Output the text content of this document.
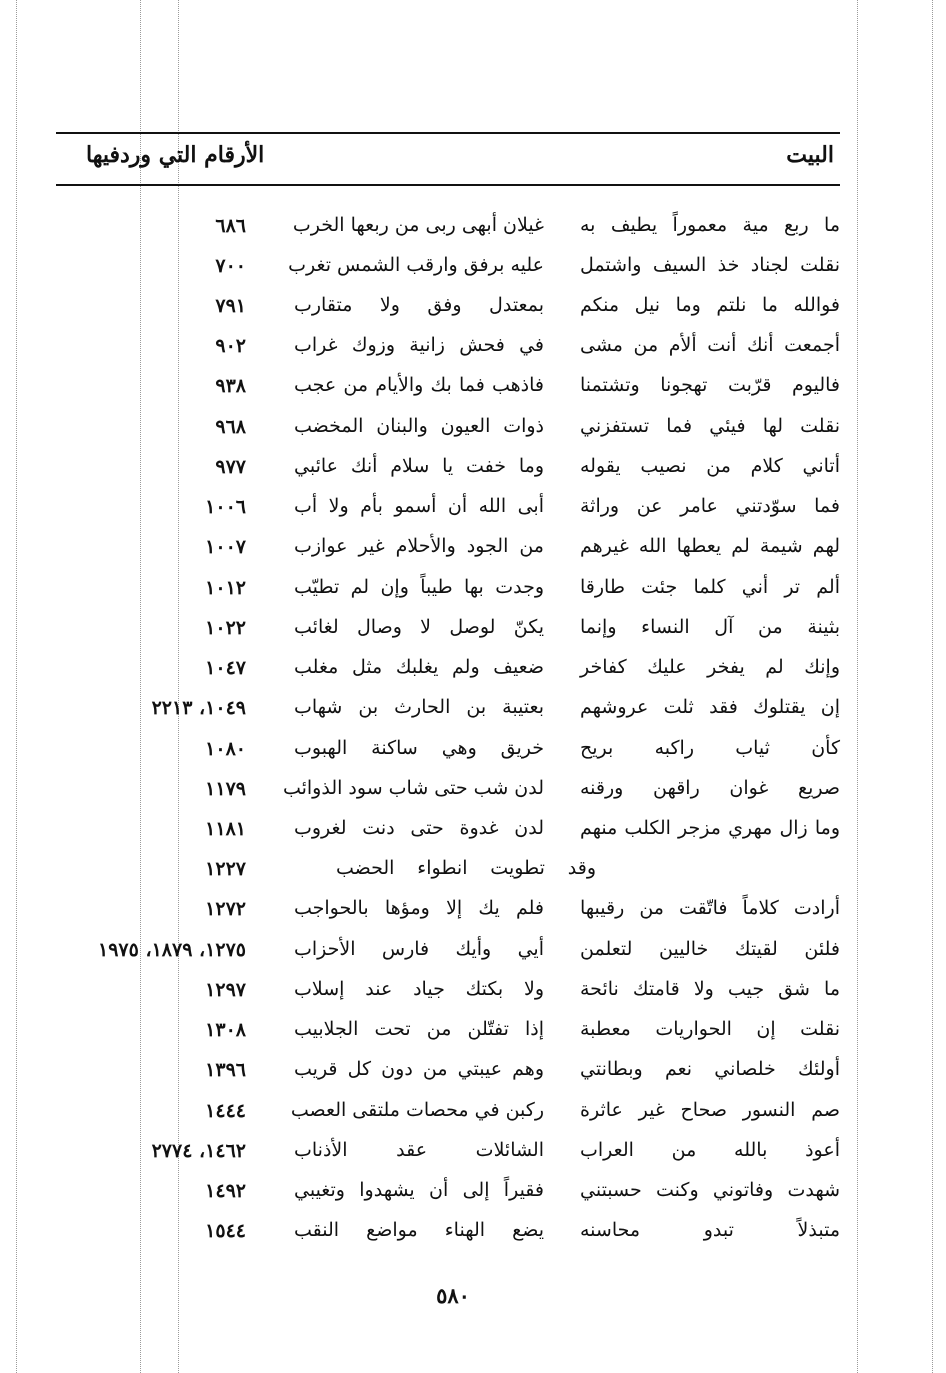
البيت
الأرقام التي وردفيها
ما ربع مية معموراً يطيف به
غيلان أبهى ربى من ربعها الخرب
٦٨٦
نقلت لجناد خذ السيف واشتمل
عليه برفق وارقب الشمس تغرب
٧٠٠
فوالله ما نلتم وما نيل منكم
بمعتدل وفق ولا متقارب
٧٩١
أجمعت أنك أنت ألأم من مشى
في فحش زانية وزوك غراب
٩٠٢
فاليوم قرّبت تهجونا وتشتمنا
فاذهب فما بك والأيام من عجب
٩٣٨
نقلت لها فيئي فما تستفزني
ذوات العيون والبنان المخضب
٩٦٨
أتاني كلام من نصيب يقوله
وما خفت يا سلام أنك عائبي
٩٧٧
فما سوّدتني عامر عن وراثة
أبى الله أن أسمو بأم ولا أب
١٠٠٦
لهم شيمة لم يعطها الله غيرهم
من الجود والأحلام غير عوازب
١٠٠٧
ألم تر أني كلما جئت طارقا
وجدت بها طيباً وإن لم تطيّب
١٠١٢
بثينة من آل النساء وإنما
يكنّ لوصل لا وصال لغائب
١٠٢٢
وإنك لم يفخر عليك كفاخر
ضعيف ولم يغلبك مثل مغلب
١٠٤٧
إن يقتلوك فقد ثلت عروشهم
بعتيبة بن الحارث بن شهاب
١٠٤٩، ٢٢١٣
كأن ثياب راكبه بريح
خريق وهي ساكنة الهبوب
١٠٨٠
صريع غوان راقهن ورقنه
لدن شب حتى شاب سود الذوائب
١١٧٩
وما زال مهري مزجر الكلب منهم
لدن غدوة حتى دنت لغروب
١١٨١
وقد تطويت انطواء الحضب
١٢٢٧
أرادت كلاماً فاتّقت من رقيبها
فلم يك إلا ومؤها بالحواجب
١٢٧٢
فلئن لقيتك خاليين لتعلمن
أيي وأيك فارس الأحزاب
١٢٧٥، ١٨٧٩، ١٩٧٥
ما شق جيب ولا قامتك نائحة
ولا بكتك جياد عند إسلاب
١٢٩٧
نقلت إن الحواريات معطبة
إذا تفتّلن من تحت الجلابيب
١٣٠٨
أولئك خلصاني نعم وبطانتي
وهم عيبتي من دون كل قريب
١٣٩٦
صم النسور صحاح غير عاثرة
ركبن في محصات ملتقى العصب
١٤٤٤
أعوذ بالله من العراب
الشائلات عقد الأذناب
١٤٦٢، ٢٧٧٤
شهدت وفاتوني وكنت حسبتني
فقيراً إلى أن يشهدوا وتغيبي
١٤٩٢
متبذلاً تبدو محاسنه
يضع الهناء مواضع النقب
١٥٤٤
٥٨٠
